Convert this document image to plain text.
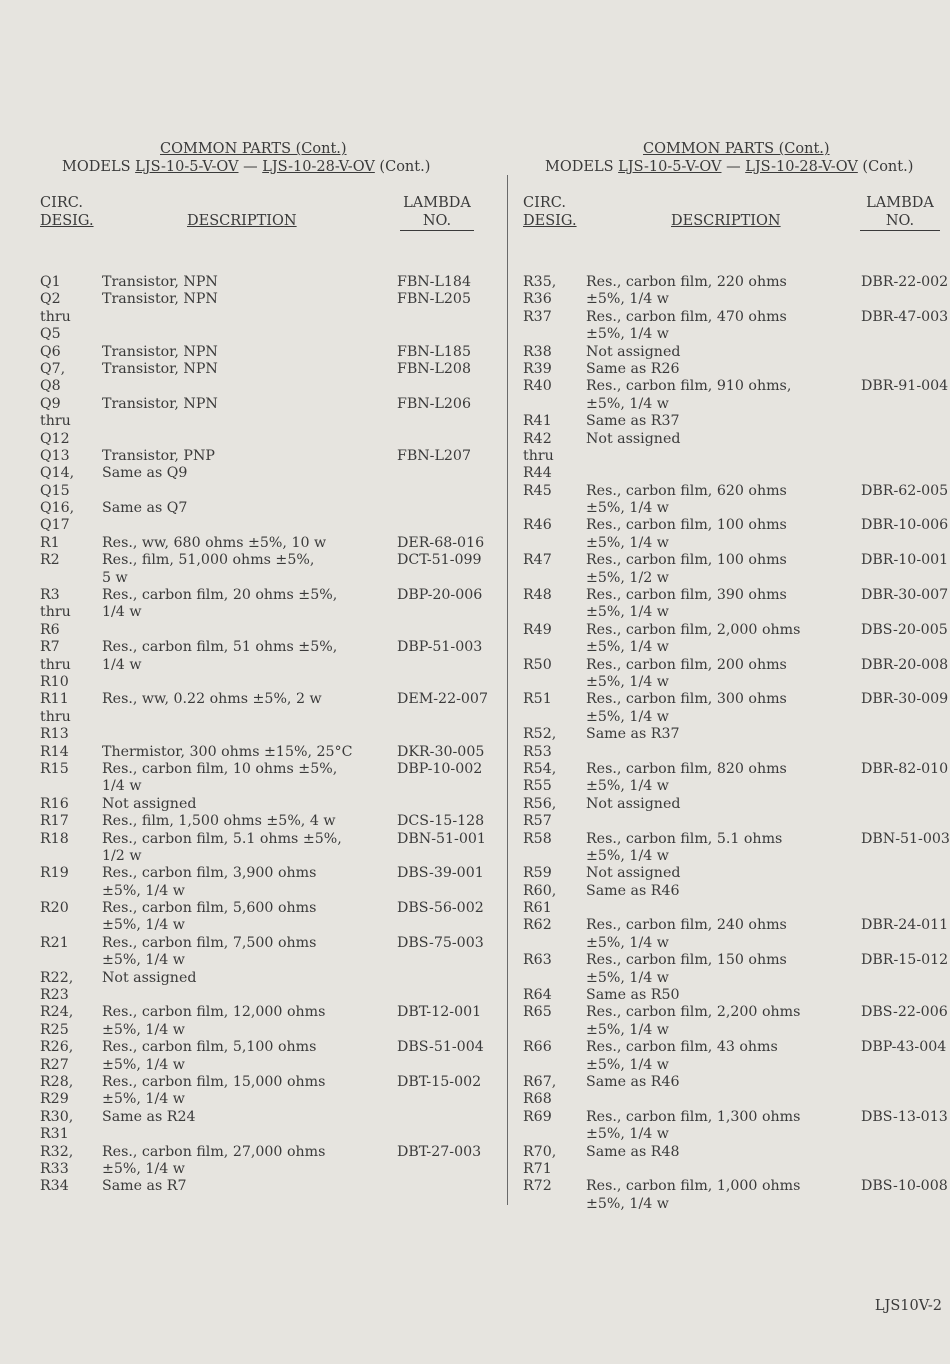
COMMON PARTS (Cont.)
MODELS LJS-10-5-V-OV — LJS-10-28-V-OV (Cont.)
CIRC.
DESIG.	DESCRIPTION
LAMBDA
NO.
Q1	Transistor, NPN	FBN-L184
Q2	Transistor, NPN	FBN-L205
thru
Q5
Q6	Transistor, NPN	FBN-L185
Q7,	Transistor, NPN	FBN-L208
Q8
Q9	Transistor, NPN	FBN-L206
thru
Q12
Q13 Transistor, PNP	FBN-L207
Q14, Same as Q9
Q15
Q16, Same as Q7
Q17
R1	Res., ww, 680 ohms ±5%, 10 w	DER-68-016
R2	Res., film, 51,000 ohms ±5%,	DCT-51-099
5 w
R3	Res., carbon film, 20 ohms ±5%,	DBP-20-006
thru 1/4 w
R6
R7	Res., carbon film, 51 ohms ±5%,	DBP-51-003
thru 1/4 w
R10
R11 Res., ww, 0.22 ohms ±5%, 2 w	DEM-22-007
thru
R13
R14 Thermistor, 300 ohms ±15%, 25°C	DKR-30-005
R15 Res., carbon film, 10 ohms ±5%,	DBP-10-002
1/4 w
R16 Not assigned
R17 Res., film, 1,500 ohms ±5%, 4 w	DCS-15-128
R18 Res., carbon film, 5.1 ohms ±5%,	DBN-51-001
1/2 w
R19 Res., carbon film, 3,900 ohms	DBS-39-001
±5%, 1/4 w
R20 Res., carbon film, 5,600 ohms	DBS-56-002
±5%, 1/4 w
R21 Res., carbon film, 7,500 ohms	DBS-75-003
±5%, 1/4 w
R22, Not assigned
R23
R24, Res., carbon film, 12,000 ohms	DBT-12-001
R25 ±5%, 1/4 w
R26, Res., carbon film, 5,100 ohms	DBS-51-004
R27 ±5%, 1/4 w
R28, Res., carbon film, 15,000 ohms	DBT-15-002
R29 ±5%, 1/4 w
R30, Same as R24
R31
R32, Res., carbon film, 27,000 ohms	DBT-27-003
R33 ±5%, 1/4 w
R34 Same as R7
COMMON PARTS (Cont.)
MODELS LJS-10-5-V-OV — LJS-10-28-V-OV (Cont.)
CIRC.
DESIG.	DESCRIPTION
LAMBDA
NO.
R35, Res., carbon film, 220 ohms	DBR-22-002
R36 ±5%, 1/4 w
R37 Res., carbon film, 470 ohms	DBR-47-003
±5%, 1/4 w
R38 Not assigned
R39 Same as R26
R40 Res., carbon film, 910 ohms,	DBR-91-004
±5%, 1/4 w
R41 Same as R37
R42 Not assigned
thru
R44
R45 Res., carbon film, 620 ohms	DBR-62-005
±5%, 1/4 w
R46 Res., carbon film, 100 ohms	DBR-10-006
±5%, 1/4 w
R47 Res., carbon film, 100 ohms	DBR-10-001
±5%, 1/2 w
R48 Res., carbon film, 390 ohms	DBR-30-007
±5%, 1/4 w
R49 Res., carbon film, 2,000 ohms	DBS-20-005
±5%, 1/4 w
R50 Res., carbon film, 200 ohms	DBR-20-008
±5%, 1/4 w
R51 Res., carbon film, 300 ohms	DBR-30-009
±5%, 1/4 w
R52, Same as R37
R53
R54, Res., carbon film, 820 ohms	DBR-82-010
R55 ±5%, 1/4 w
R56, Not assigned
R57
R58 Res., carbon film, 5.1 ohms	DBN-51-003
±5%, 1/4 w
R59 Not assigned
R60, Same as R46
R61
R62 Res., carbon film, 240 ohms	DBR-24-011
±5%, 1/4 w
R63 Res., carbon film, 150 ohms	DBR-15-012
±5%, 1/4 w
R64 Same as R50
R65 Res., carbon film, 2,200 ohms	DBS-22-006
±5%, 1/4 w
R66 Res., carbon film, 43 ohms	DBP-43-004
±5%, 1/4 w
R67, Same as R46
R68
R69 Res., carbon film, 1,300 ohms	DBS-13-013
±5%, 1/4 w
R70, Same as R48
R71
R72 Res., carbon film, 1,000 ohms	DBS-10-008
±5%, 1/4 w
LJS10V-2
